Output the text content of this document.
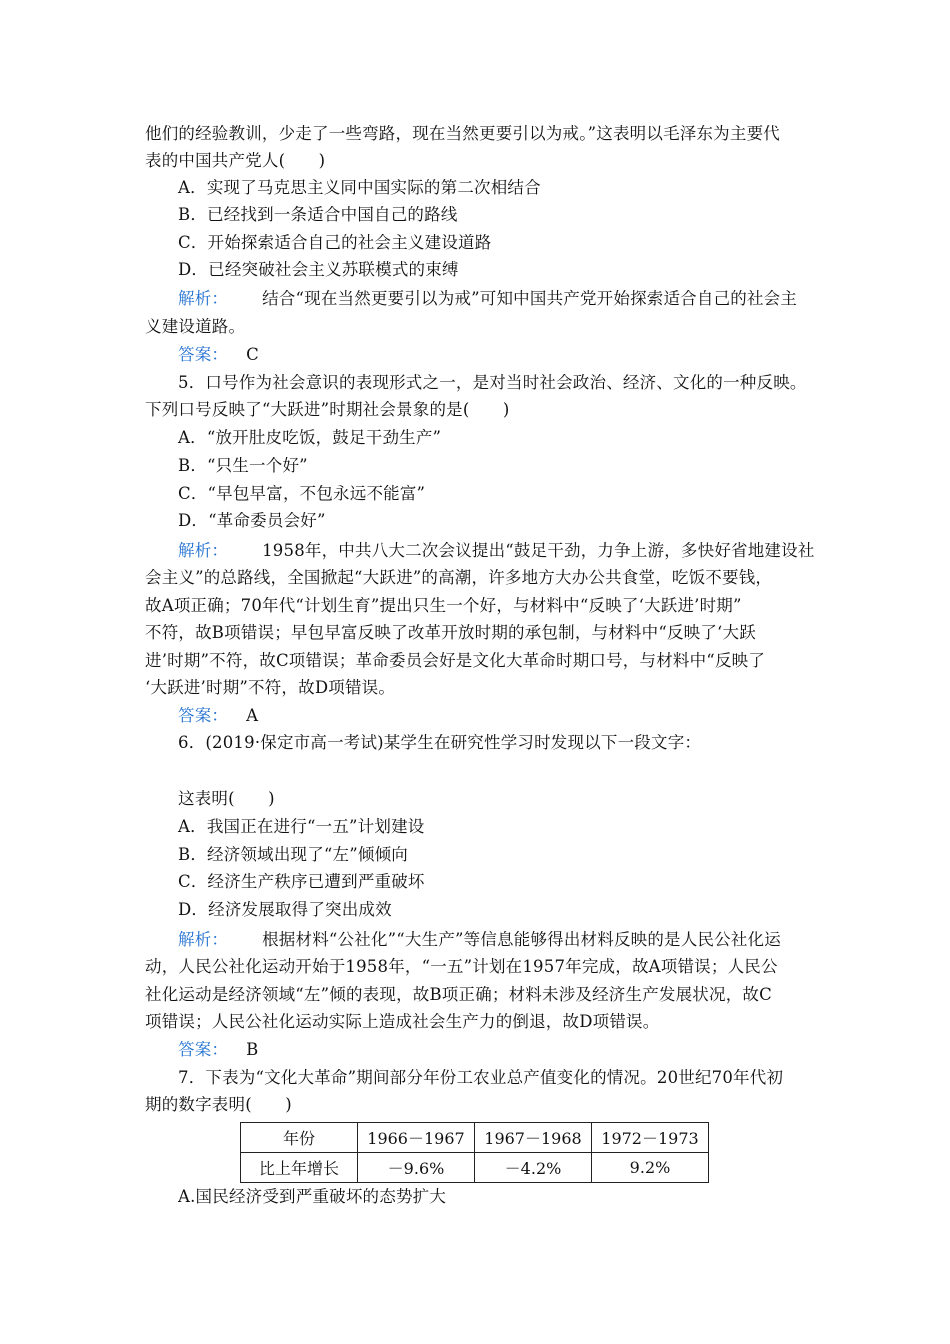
他们的经验教训，少走了一些弯路，现在当然更要引以为戒。”这表明以毛泽东为主要代
表的中国共产党人(　　)
A．实现了马克思主义同中国实际的第二次相结合
B．已经找到一条适合中国自己的路线
C．开始探索适合自己的社会主义建设道路
D．已经突破社会主义苏联模式的束缚
解析： 结合“现在当然更要引以为戒”可知中国共产党开始探索适合自己的社会主
义建设道路。
答案： C
5．口号作为社会意识的表现形式之一，是对当时社会政治、经济、文化的一种反映。
下列口号反映了“大跃进”时期社会景象的是(　　)
A．“放开肚皮吃饭，鼓足干劲生产”
B．“只生一个好”
C．“早包早富，不包永远不能富”
D．“革命委员会好”
解析： 1958年，中共八大二次会议提出“鼓足干劲，力争上游，多快好省地建设社
会主义”的总路线，全国掀起“大跃进”的高潮，许多地方大办公共食堂，吃饭不要钱，
故A项正确；70年代“计划生育”提出只生一个好，与材料中“反映了‘大跃进’时期”
不符，故B项错误；早包早富反映了改革开放时期的承包制，与材料中“反映了‘大跃
进’时期”不符，故C项错误；革命委员会好是文化大革命时期口号，与材料中“反映了
‘大跃进’时期”不符，故D项错误。
答案： A
6．(2019·保定市高一考试)某学生在研究性学习时发现以下一段文字：
这表明(　　)
A．我国正在进行“一五”计划建设
B．经济领域出现了“左”倾倾向
C．经济生产秩序已遭到严重破坏
D．经济发展取得了突出成效
解析： 根据材料“公社化”“大生产”等信息能够得出材料反映的是人民公社化运
动，人民公社化运动开始于1958年，“一五”计划在1957年完成，故A项错误；人民公
社化运动是经济领域“左”倾的表现，故B项正确；材料未涉及经济生产发展状况，故C
项错误；人民公社化运动实际上造成社会生产力的倒退，故D项错误。
答案： B
7．下表为“文化大革命”期间部分年份工农业总产值变化的情况。20世纪70年代初
期的数字表明(　　)
年份	1966－1967	1967－1968	1972－1973
比上年增长	－9.6%	－4.2%	9.2%
A.国民经济受到严重破坏的态势扩大
